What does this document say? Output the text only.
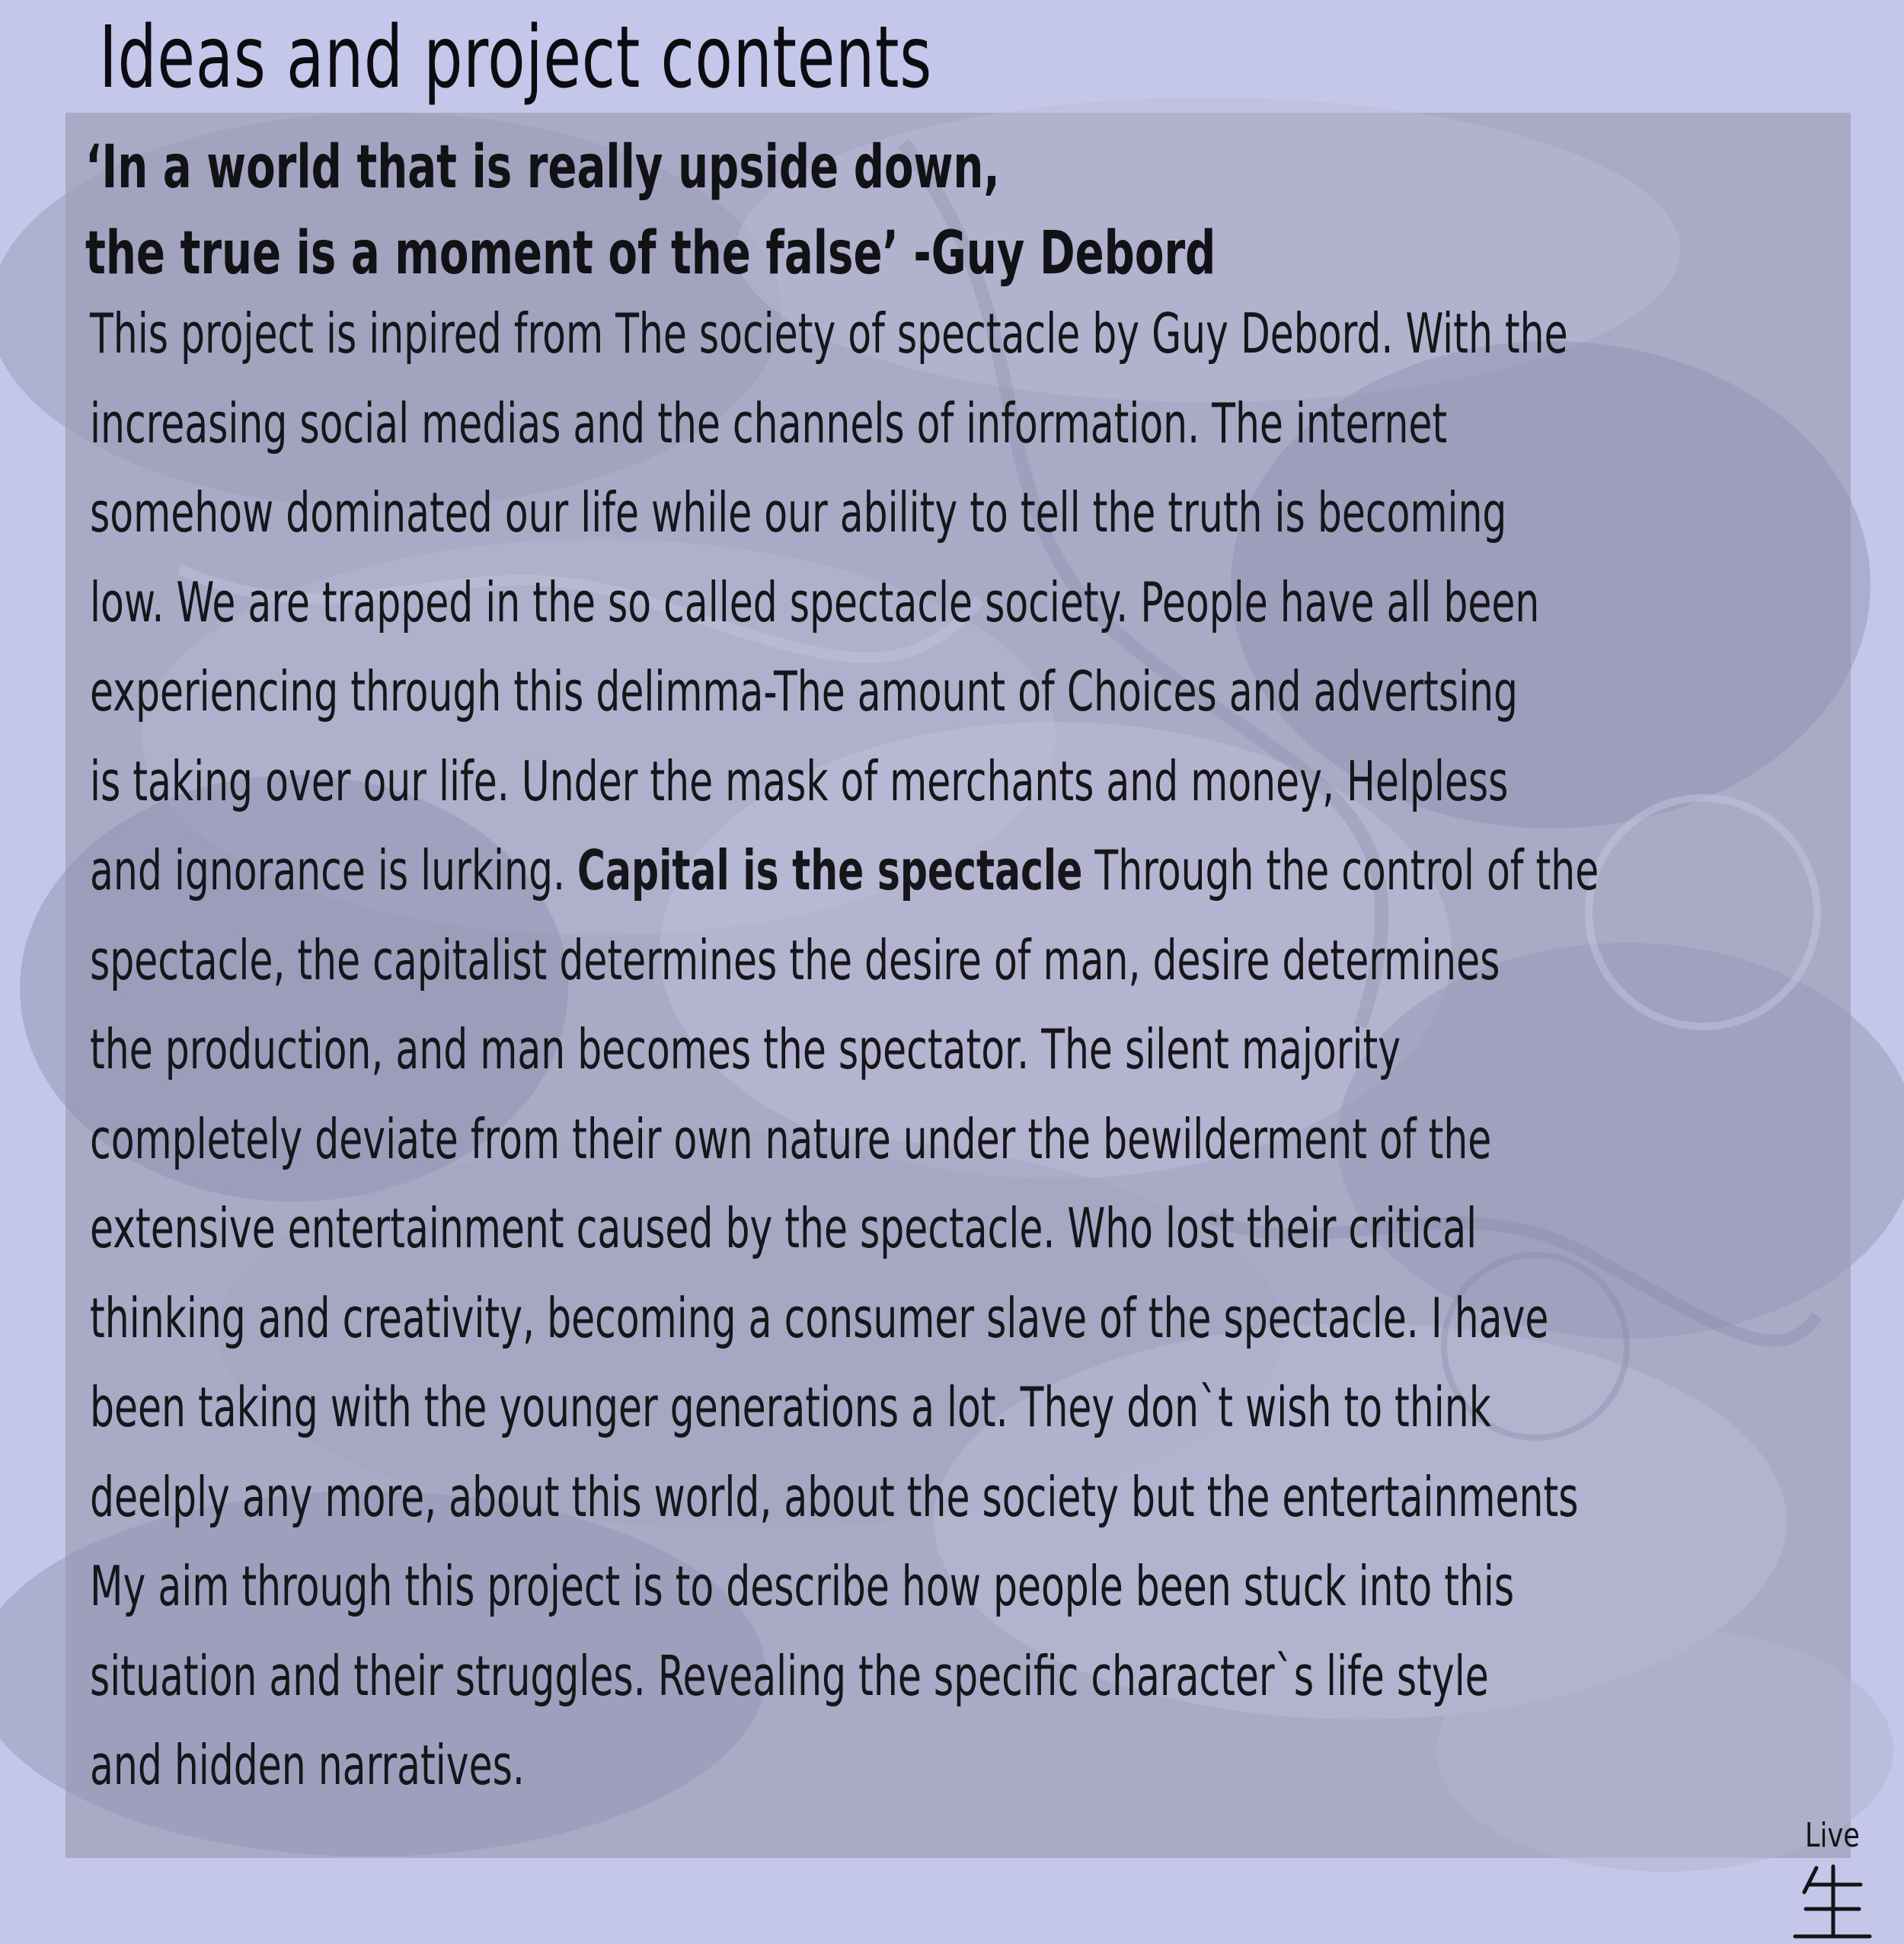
Ideas and project contents
‘In a world that is really upside down,
the true is a moment of the false’ -Guy Debord
This project is inpired from The society of spectacle by Guy Debord. With the
increasing social medias and the channels of information. The internet
somehow dominated our life while our ability to tell the truth is becoming
low. We are trapped in the so called spectacle society. People have all been
experiencing through this delimma-The amount of Choices and advertsing
is taking over our life. Under the mask of merchants and money, Helpless
and ignorance is lurking. Capital is the spectacle Through the control of the
spectacle, the capitalist determines the desire of man, desire determines
the production, and man becomes the spectator. The silent majority
completely deviate from their own nature under the bewilderment of the
extensive entertainment caused by the spectacle. Who lost their critical
thinking and creativity, becoming a consumer slave of the spectacle. I have
been taking with the younger generations a lot. They don`t wish to think
deelply any more, about this world, about the society but the entertainments
My aim through this project is to describe how people been stuck into this
situation and their struggles. Revealing the specific character`s life style
and hidden narratives.
Live
